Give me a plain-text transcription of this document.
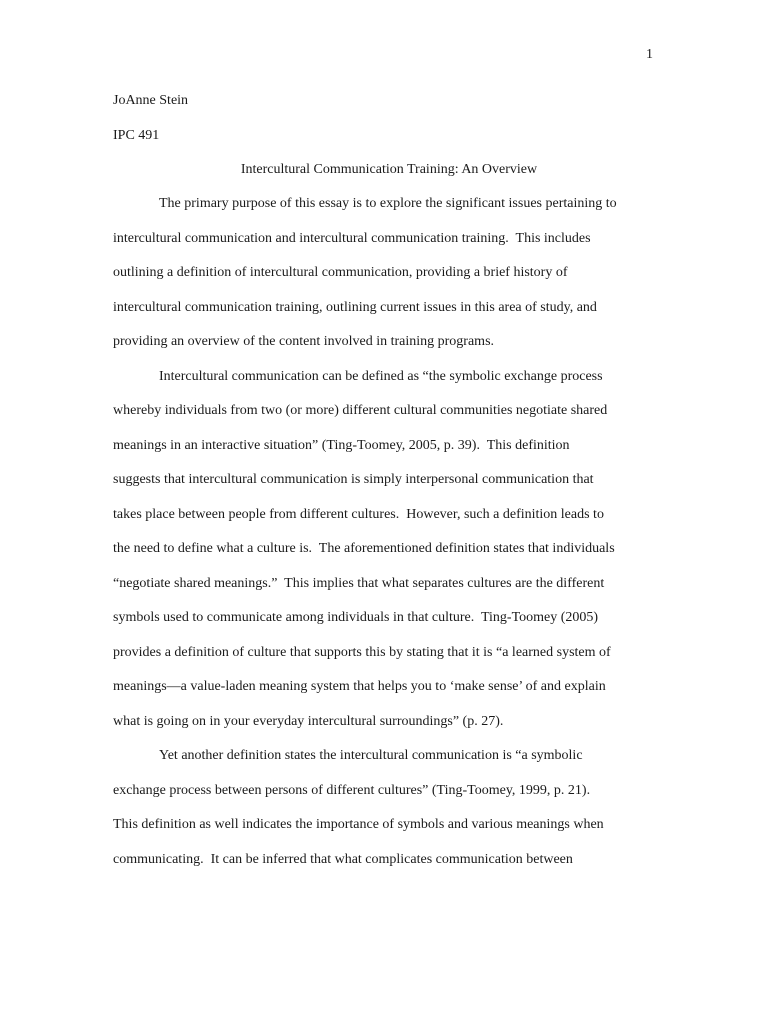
1
JoAnne Stein
IPC 491
Intercultural Communication Training: An Overview
The primary purpose of this essay is to explore the significant issues pertaining to
intercultural communication and intercultural communication training.  This includes
outlining a definition of intercultural communication, providing a brief history of
intercultural communication training, outlining current issues in this area of study, and
providing an overview of the content involved in training programs.
Intercultural communication can be defined as “the symbolic exchange process
whereby individuals from two (or more) different cultural communities negotiate shared
meanings in an interactive situation” (Ting-Toomey, 2005, p. 39).  This definition
suggests that intercultural communication is simply interpersonal communication that
takes place between people from different cultures.  However, such a definition leads to
the need to define what a culture is.  The aforementioned definition states that individuals
“negotiate shared meanings.”  This implies that what separates cultures are the different
symbols used to communicate among individuals in that culture.  Ting-Toomey (2005)
provides a definition of culture that supports this by stating that it is “a learned system of
meanings—a value-laden meaning system that helps you to ‘make sense’ of and explain
what is going on in your everyday intercultural surroundings” (p. 27).
Yet another definition states the intercultural communication is “a symbolic
exchange process between persons of different cultures” (Ting-Toomey, 1999, p. 21).
This definition as well indicates the importance of symbols and various meanings when
communicating.  It can be inferred that what complicates communication between
